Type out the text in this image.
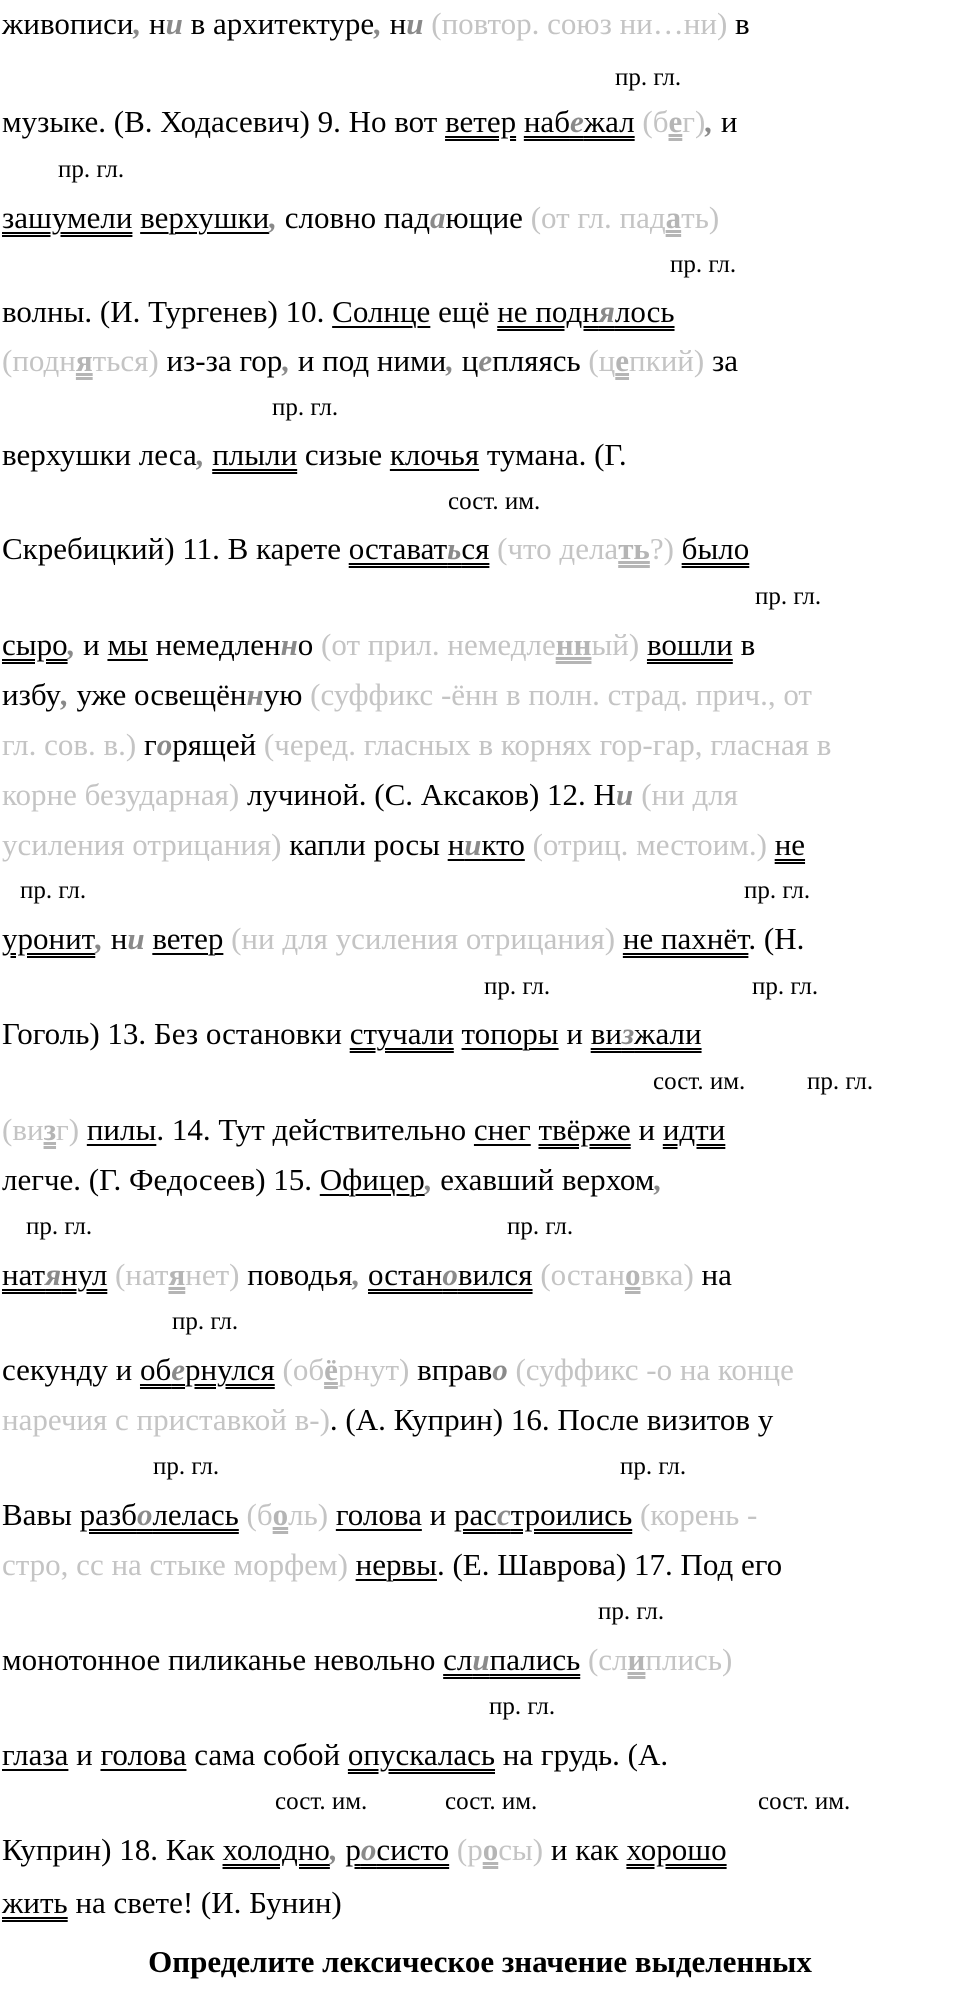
живописи, ни в архитектуре, ни (повтор. союз ни…ни) в
пр. гл.
музыке. (В. Ходасевич) 9. Но вот ветер набежал (бег), и
пр. гл.
зашумели верхушки, словно падающие (от гл. падать)
пр. гл.
волны. (И. Тургенев) 10. Солнце ещё не поднялось
(подняться) из-за гор, и под ними, цепляясь (цепкий) за
пр. гл.
верхушки леса, плыли сизые клочья тумана. (Г.
сост. им.
Скребицкий) 11. В карете оставаться (что делать?) было
пр. гл.
сыро, и мы немедленно (от прил. немедленный) вошли в
избу, уже освещённую (суффикс -ённ в полн. страд. прич., от
гл. сов. в.) горящей (черед. гласных в корнях гор-гар, гласная в
корне безударная) лучиной. (С. Аксаков) 12. Ни (ни для
усиления отрицания) капли росы никто (отриц. местоим.) не
пр. гл.	пр. гл.
уронит, ни ветер (ни для усиления отрицания) не пахнёт. (Н.
пр. гл.	пр. гл.
Гоголь) 13. Без остановки стучали топоры и визжали
сост. им. пр. гл.
(визг) пилы. 14. Тут действительно снег твёрже и идти
легче. (Г. Федосеев) 15. Офицер, ехавший верхом,
пр. гл.	пр. гл.
натянул (натянет) поводья, остановился (остановка) на
пр. гл.
секунду и обернулся (обёрнут) вправо (суффикс -о на конце
наречия с приставкой в-). (А. Куприн) 16. После визитов у
пр. гл.	пр. гл.
Вавы разболелась (боль) голова и расстроились (корень -
стро, сс на стыке морфем) нервы. (Е. Шаврова) 17. Под его
пр. гл.
монотонное пиликанье невольно слипались (слиплись)
пр. гл.
глаза и голова сама собой опускалась на грудь. (А.
сост. им.	сост. им.	сост. им.
Куприн) 18. Как холодно, росисто (росы) и как хорошо
жить на свете! (И. Бунин)
Определите лексическое значение выделенных
